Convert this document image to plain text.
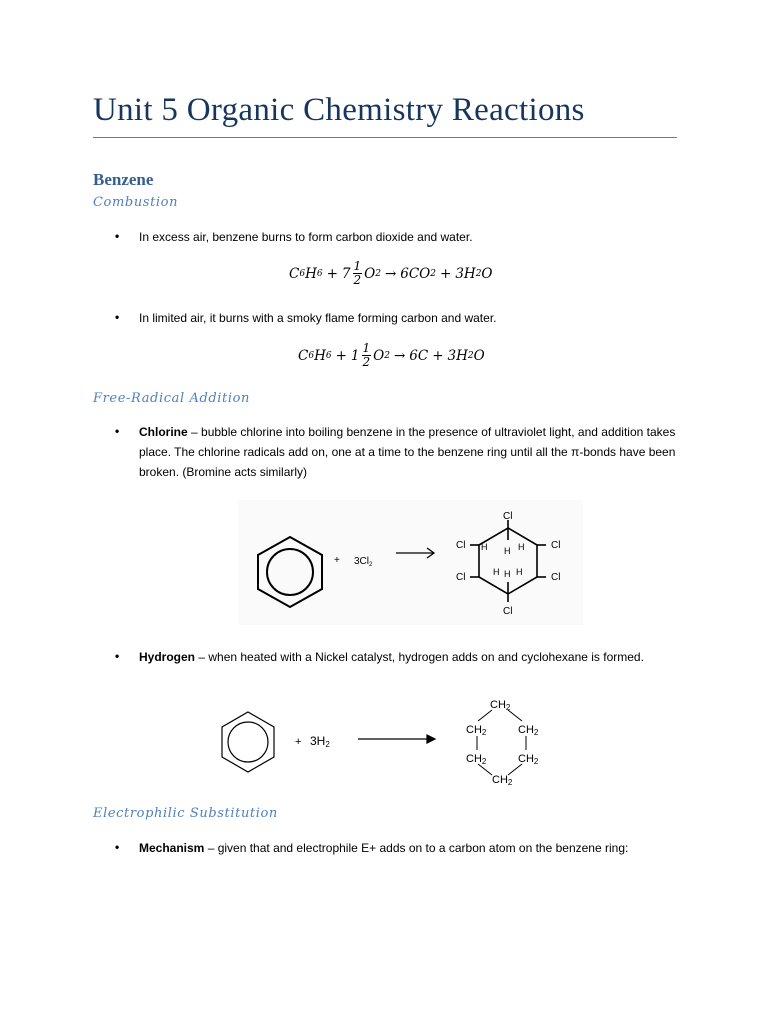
Unit 5 Organic Chemistry Reactions
Benzene
Combustion
• In excess air, benzene burns to form carbon dioxide and water.
C 6 H $6 + 7 \frac{1}{2}$ O 2 → 6CO 2 + 3H 2 O
• In limited air, it burns with a smoky flame forming carbon and water.
C 6 H $6 + 1 \frac{1}{2}$ O 2 → 6C + 3H 2 O
Free-Radical Addition
• Chlorine – bubble chlorine into boiling benzene in the presence of ultraviolet light, and addition takes place. The chlorine radicals add on, one at a time to the benzene ring until all the π-bonds have been broken. (Bromine acts similarly)
+ $3Cl_2$
Cl
Cl
Cl	Cl
Cl	Cl
H H H
H H H
• Hydrogen – when heated with a Nickel catalyst, hydrogen adds on and cyclohexane is formed.
+ 3H2
CH2
CH2	CH2
CH2	CH2
CH2
Electrophilic Substitution
• Mechanism – given that and electrophile E+ adds on to a carbon atom on the benzene ring:
